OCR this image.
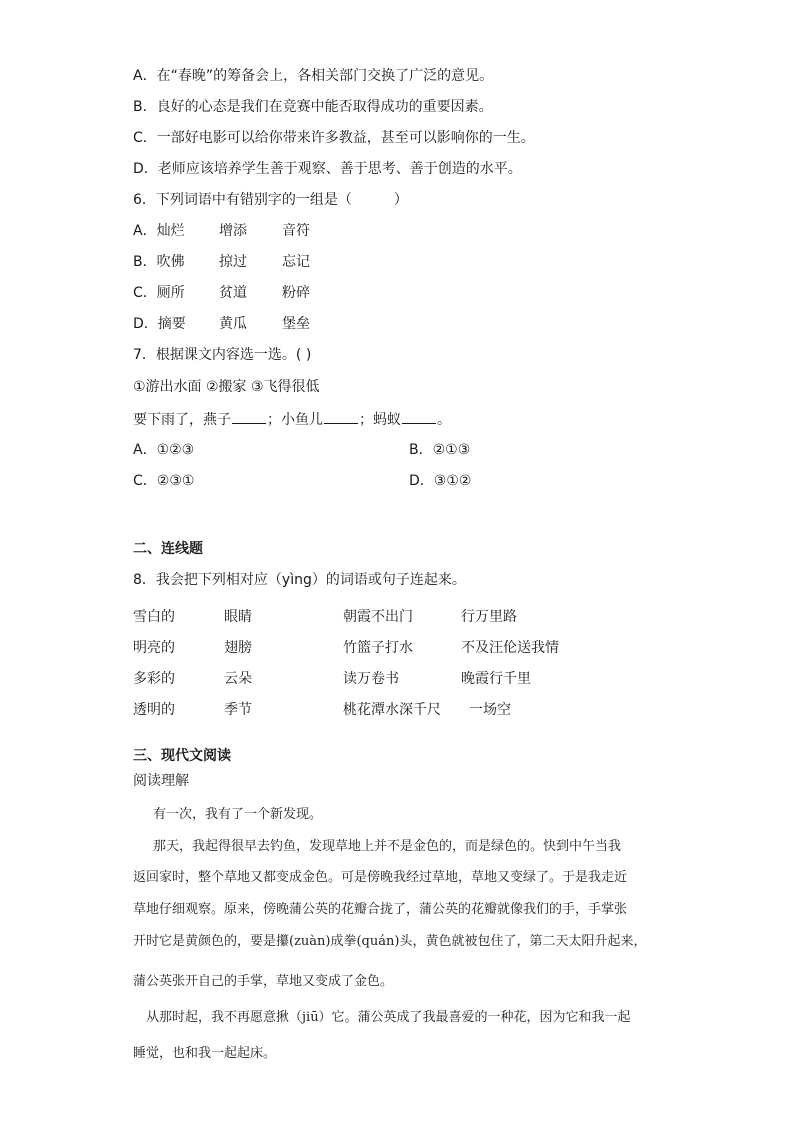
A．在“春晚”的筹备会上，各相关部门交换了广泛的意见。
B．良好的心态是我们在竞赛中能否取得成功的重要因素。
C．一部好电影可以给你带来许多教益，甚至可以影响你的一生。
D．老师应该培养学生善于观察、善于思考、善于创造的水平。
6．下列词语中有错别字的一组是（　　　）
A．灿烂 增添	音符
B．吹佛 掠过	忘记
C．厕所 贫道	粉碎
D．摘要 黄瓜	堡垒
7．根据课文内容选一选。( )
①游出水面 ②搬家 ③飞得很低
要下雨了，燕子	；小鱼儿	；蚂蚁	。
A．①②③	B．②①③
C．②③①	D．③①②
二、连线题
8．我会把下列相对应（yìng）的词语或句子连起来。
雪白的	眼睛	朝霞不出门	行万里路
明亮的	翅膀	竹篮子打水	不及汪伦送我情
多彩的	云朵	读万卷书	晚霞行千里
透明的	季节	桃花潭水深千尺 一场空
三、现代文阅读
阅读理解
有一次，我有了一个新发现。
那天，我起得很早去钓鱼，发现草地上并不是金色的，而是绿色的。快到中午当我
返回家时，整个草地又都变成金色。可是傍晚我经过草地，草地又变绿了。于是我走近
草地仔细观察。原来，傍晚蒲公英的花瓣合拢了，蒲公英的花瓣就像我们的手，手掌张
开时它是黄颜色的，要是攥(zuàn)成拳(quán)头，黄色就被包住了，第二天太阳升起来，
蒲公英张开自己的手掌，草地又变成了金色。
从那时起，我不再愿意揪（jiū）它。蒲公英成了我最喜爱的一种花，因为它和我一起
睡觉，也和我一起起床。
